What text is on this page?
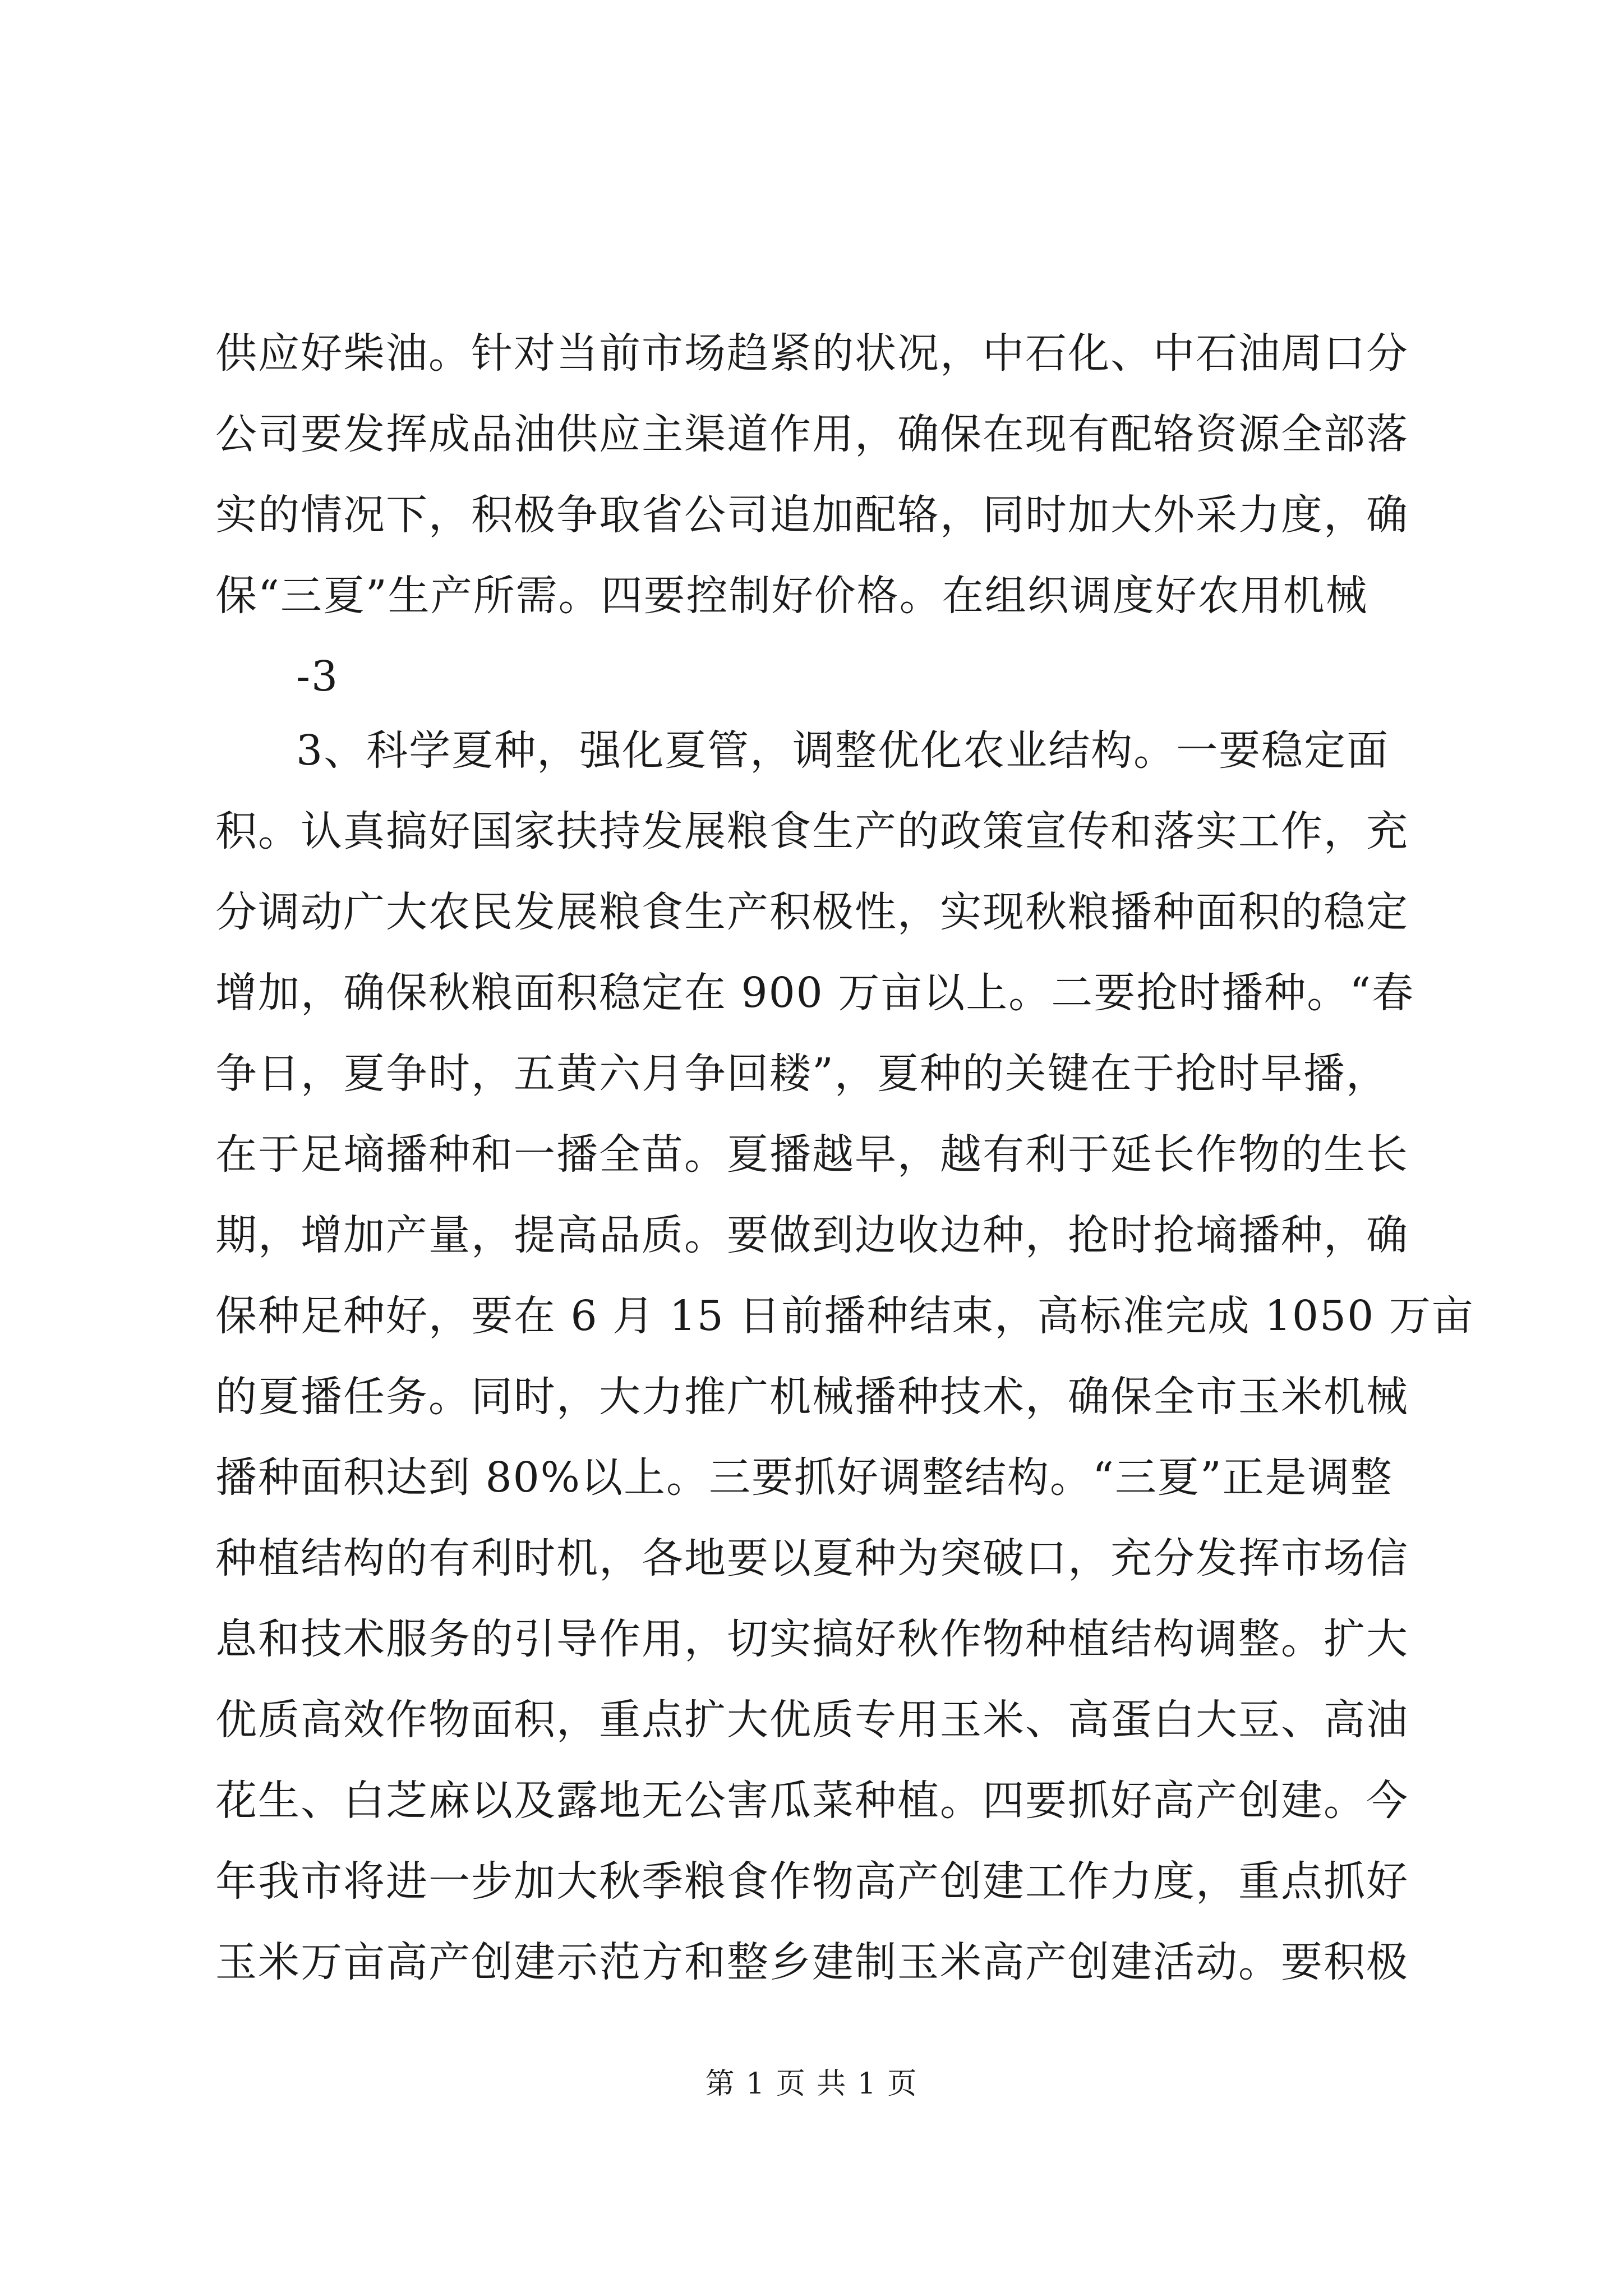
供应好柴油。针对当前市场趋紧的状况，中石化、中石油周口分
公司要发挥成品油供应主渠道作用，确保在现有配辂资源全部落
实的情况下，积极争取省公司追加配辂，同时加大外采力度，确
保“三夏”生产所需。四要控制好价格。在组织调度好农用机械
-3
3、科学夏种，强化夏管，调整优化农业结构。一要稳定面
积。认真搞好国家扶持发展粮食生产的政策宣传和落实工作，充
分调动广大农民发展粮食生产积极性，实现秋粮播种面积的稳定
增加，确保秋粮面积稳定在 900 万亩以上。二要抢时播种。“春
争日，夏争时，五黄六月争回耧”，夏种的关键在于抢时早播，
在于足墒播种和一播全苗。夏播越早，越有利于延长作物的生长
期，增加产量，提高品质。要做到边收边种，抢时抢墒播种，确
保种足种好，要在 6 月 15 日前播种结束，高标准完成 1050 万亩
的夏播任务。同时，大力推广机械播种技术，确保全市玉米机械
播种面积达到 80%以上。三要抓好调整结构。“三夏”正是调整
种植结构的有利时机，各地要以夏种为突破口，充分发挥市场信
息和技术服务的引导作用，切实搞好秋作物种植结构调整。扩大
优质高效作物面积，重点扩大优质专用玉米、高蛋白大豆、高油
花生、白芝麻以及露地无公害瓜菜种植。四要抓好高产创建。今
年我市将进一步加大秋季粮食作物高产创建工作力度，重点抓好
玉米万亩高产创建示范方和整乡建制玉米高产创建活动。要积极
第 1 页 共 1 页
